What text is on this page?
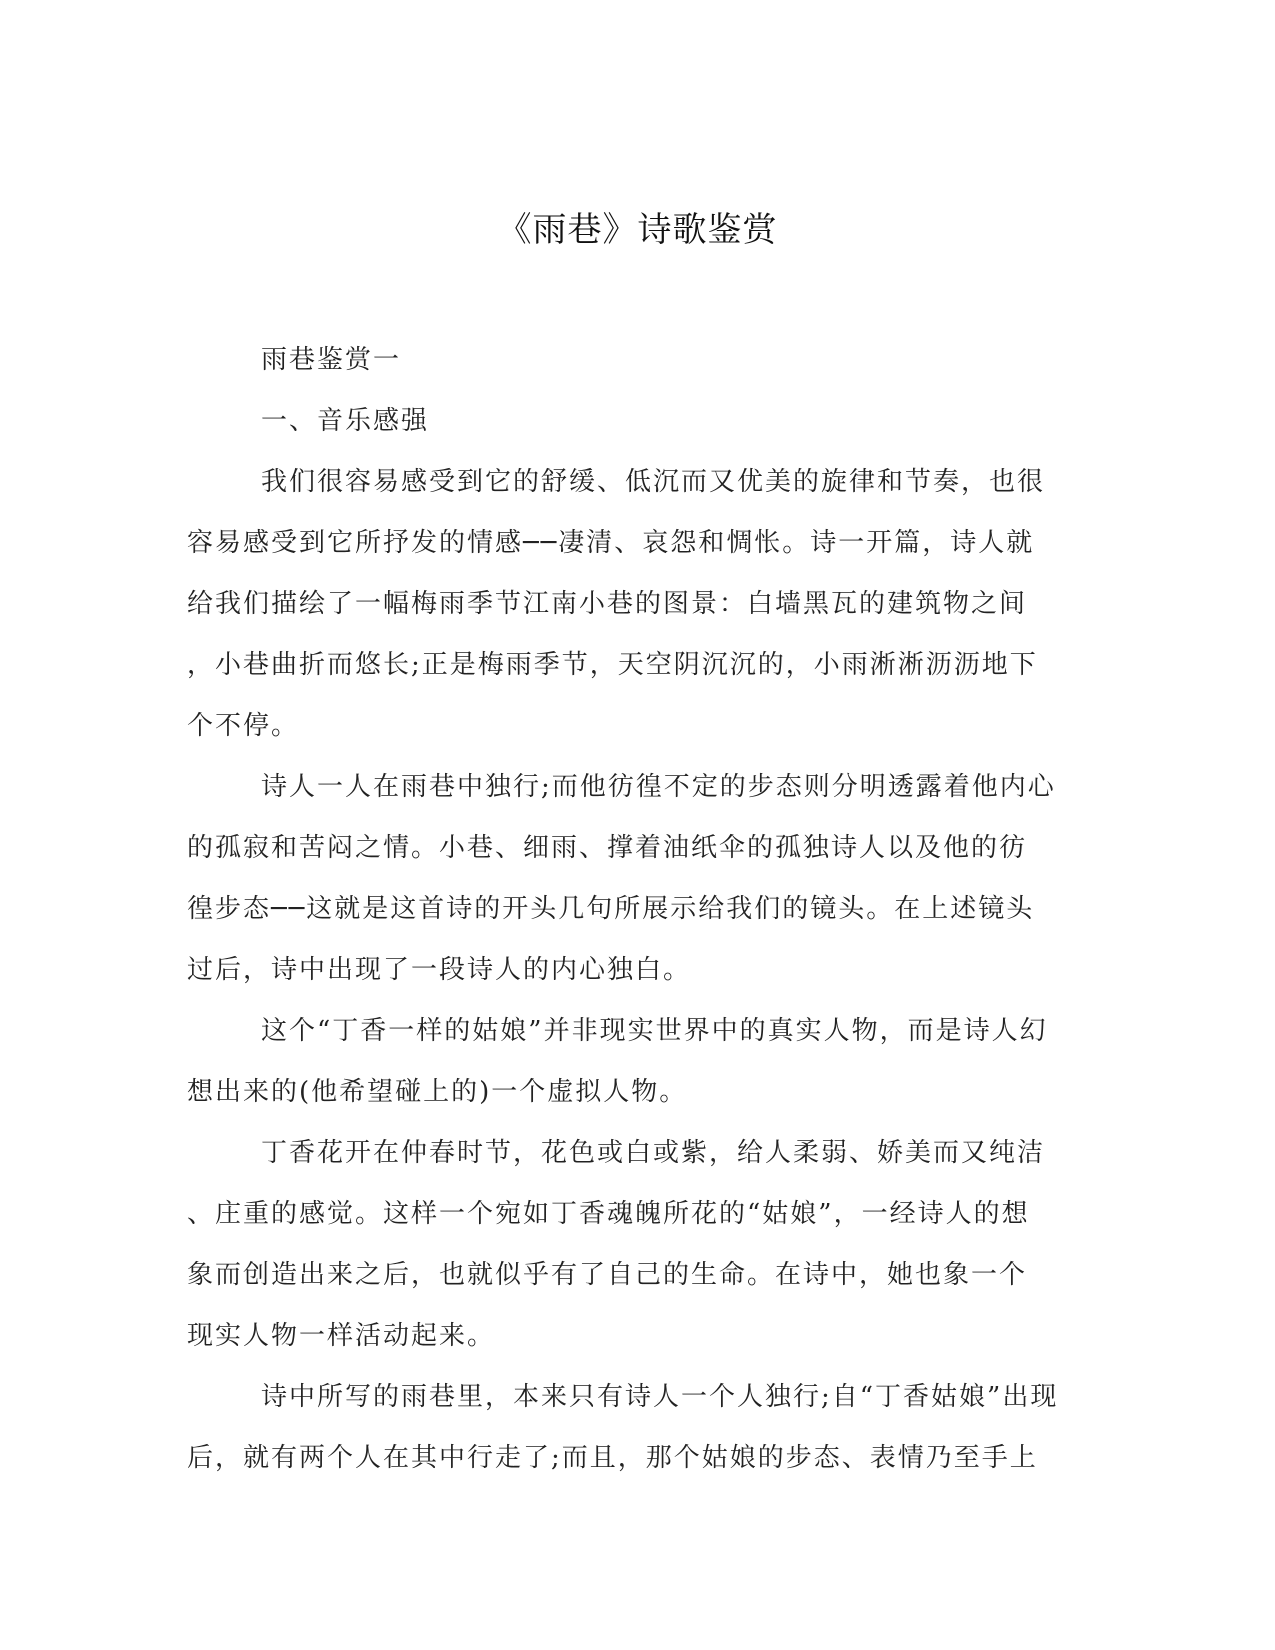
《雨巷》诗歌鉴赏

雨巷鉴赏一

一、音乐感强

我们很容易感受到它的舒缓、低沉而又优美的旋律和节奏，也很

容易感受到它所抒发的情感──凄清、哀怨和惆怅。诗一开篇，诗人就

给我们描绘了一幅梅雨季节江南小巷的图景：白墙黑瓦的建筑物之间

，小巷曲折而悠长;正是梅雨季节，天空阴沉沉的，小雨淅淅沥沥地下

个不停。

诗人一人在雨巷中独行;而他彷徨不定的步态则分明透露着他内心

的孤寂和苦闷之情。小巷、细雨、撑着油纸伞的孤独诗人以及他的彷

徨步态──这就是这首诗的开头几句所展示给我们的镜头。在上述镜头

过后，诗中出现了一段诗人的内心独白。

这个“丁香一样的姑娘”并非现实世界中的真实人物，而是诗人幻

想出来的(他希望碰上的)一个虚拟人物。

丁香花开在仲春时节，花色或白或紫，给人柔弱、娇美而又纯洁

、庄重的感觉。这样一个宛如丁香魂魄所花的“姑娘”，一经诗人的想

象而创造出来之后，也就似乎有了自己的生命。在诗中，她也象一个

现实人物一样活动起来。

诗中所写的雨巷里，本来只有诗人一个人独行;自“丁香姑娘”出现

后，就有两个人在其中行走了;而且，那个姑娘的步态、表情乃至手上
